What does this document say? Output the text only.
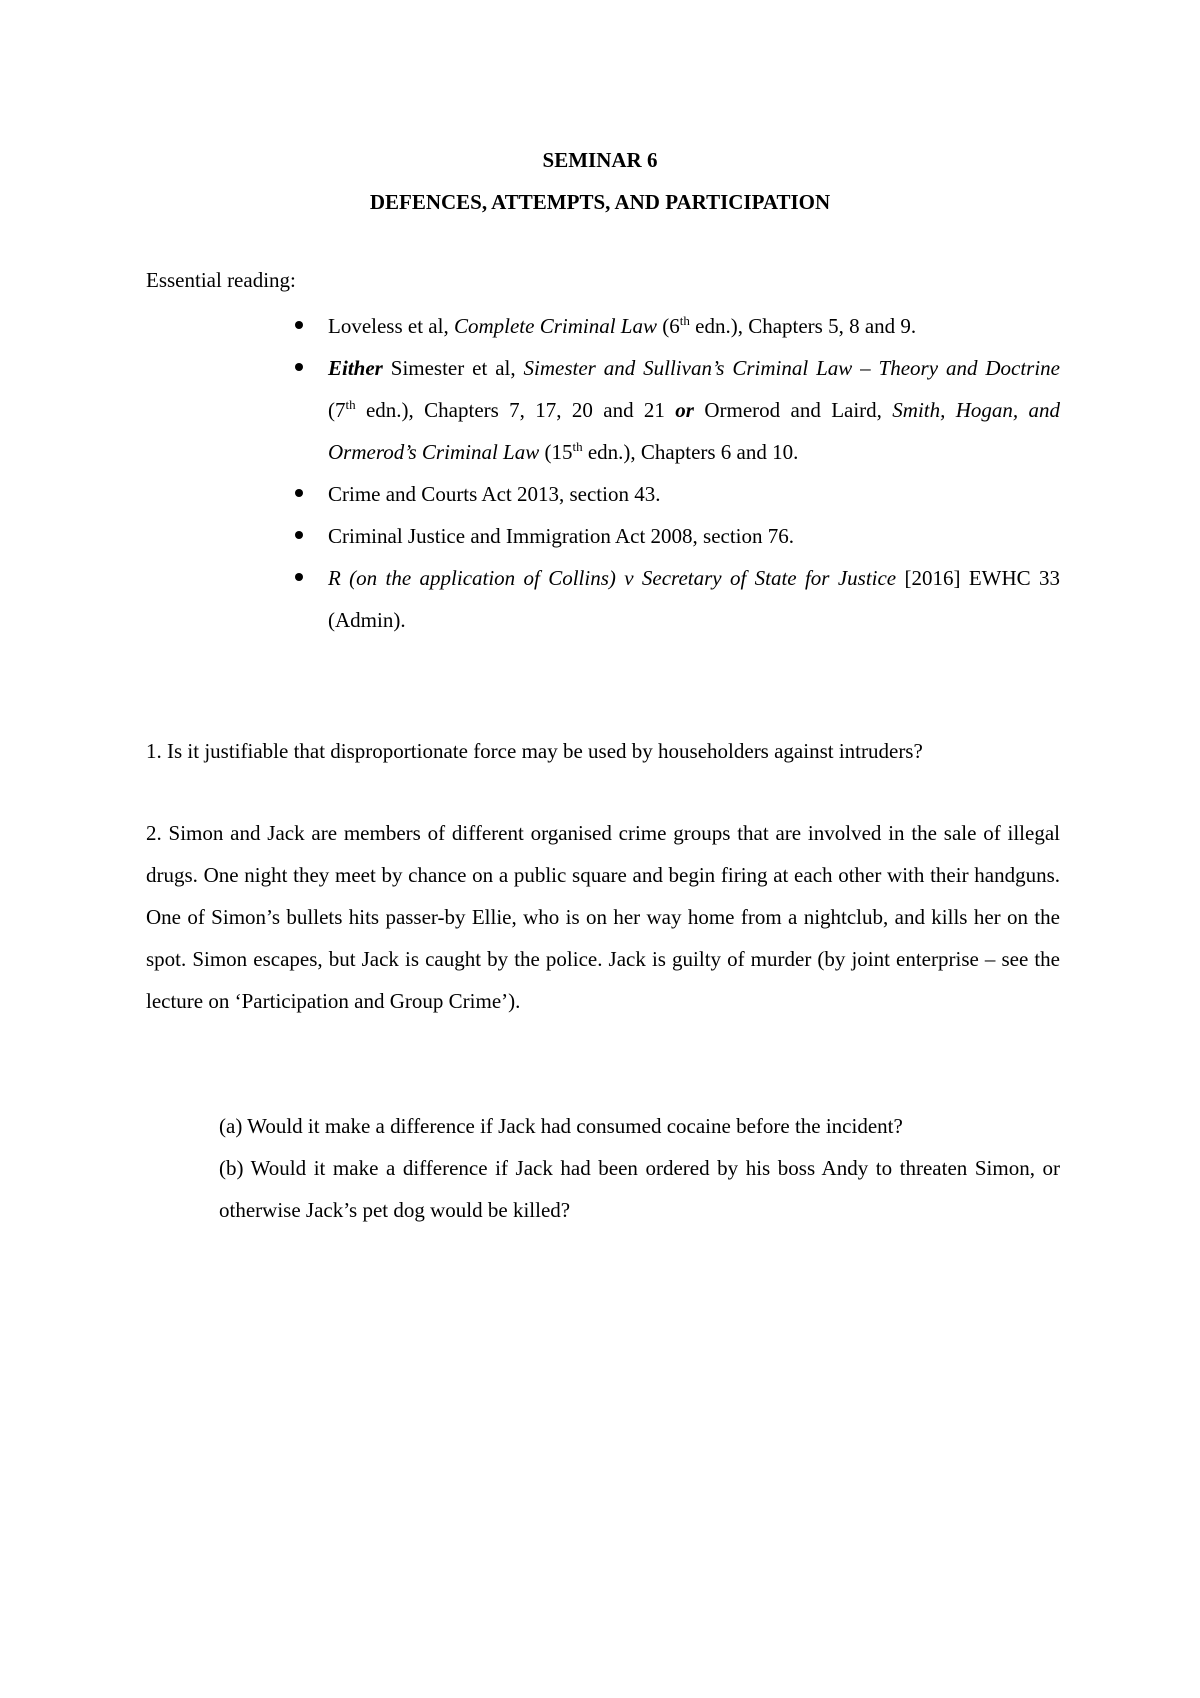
SEMINAR 6
DEFENCES, ATTEMPTS, AND PARTICIPATION

Essential reading:

Loveless et al, Complete Criminal Law (6th edn.), Chapters 5, 8 and 9.
Either Simester et al, Simester and Sullivan’s Criminal Law – Theory and Doctrine (7th edn.), Chapters 7, 17, 20 and 21 or Ormerod and Laird, Smith, Hogan, and Ormerod’s Criminal Law (15th edn.), Chapters 6 and 10.
Crime and Courts Act 2013, section 43.
Criminal Justice and Immigration Act 2008, section 76.
R (on the application of Collins) v Secretary of State for Justice [2016] EWHC 33 (Admin).

1. Is it justifiable that disproportionate force may be used by householders against intruders?

2. Simon and Jack are members of different organised crime groups that are involved in the sale of illegal drugs. One night they meet by chance on a public square and begin firing at each other with their handguns. One of Simon’s bullets hits passer-by Ellie, who is on her way home from a nightclub, and kills her on the spot. Simon escapes, but Jack is caught by the police. Jack is guilty of murder (by joint enterprise – see the lecture on ‘Participation and Group Crime’).

(a) Would it make a difference if Jack had consumed cocaine before the incident?

(b) Would it make a difference if Jack had been ordered by his boss Andy to threaten Simon, or otherwise Jack’s pet dog would be killed?
